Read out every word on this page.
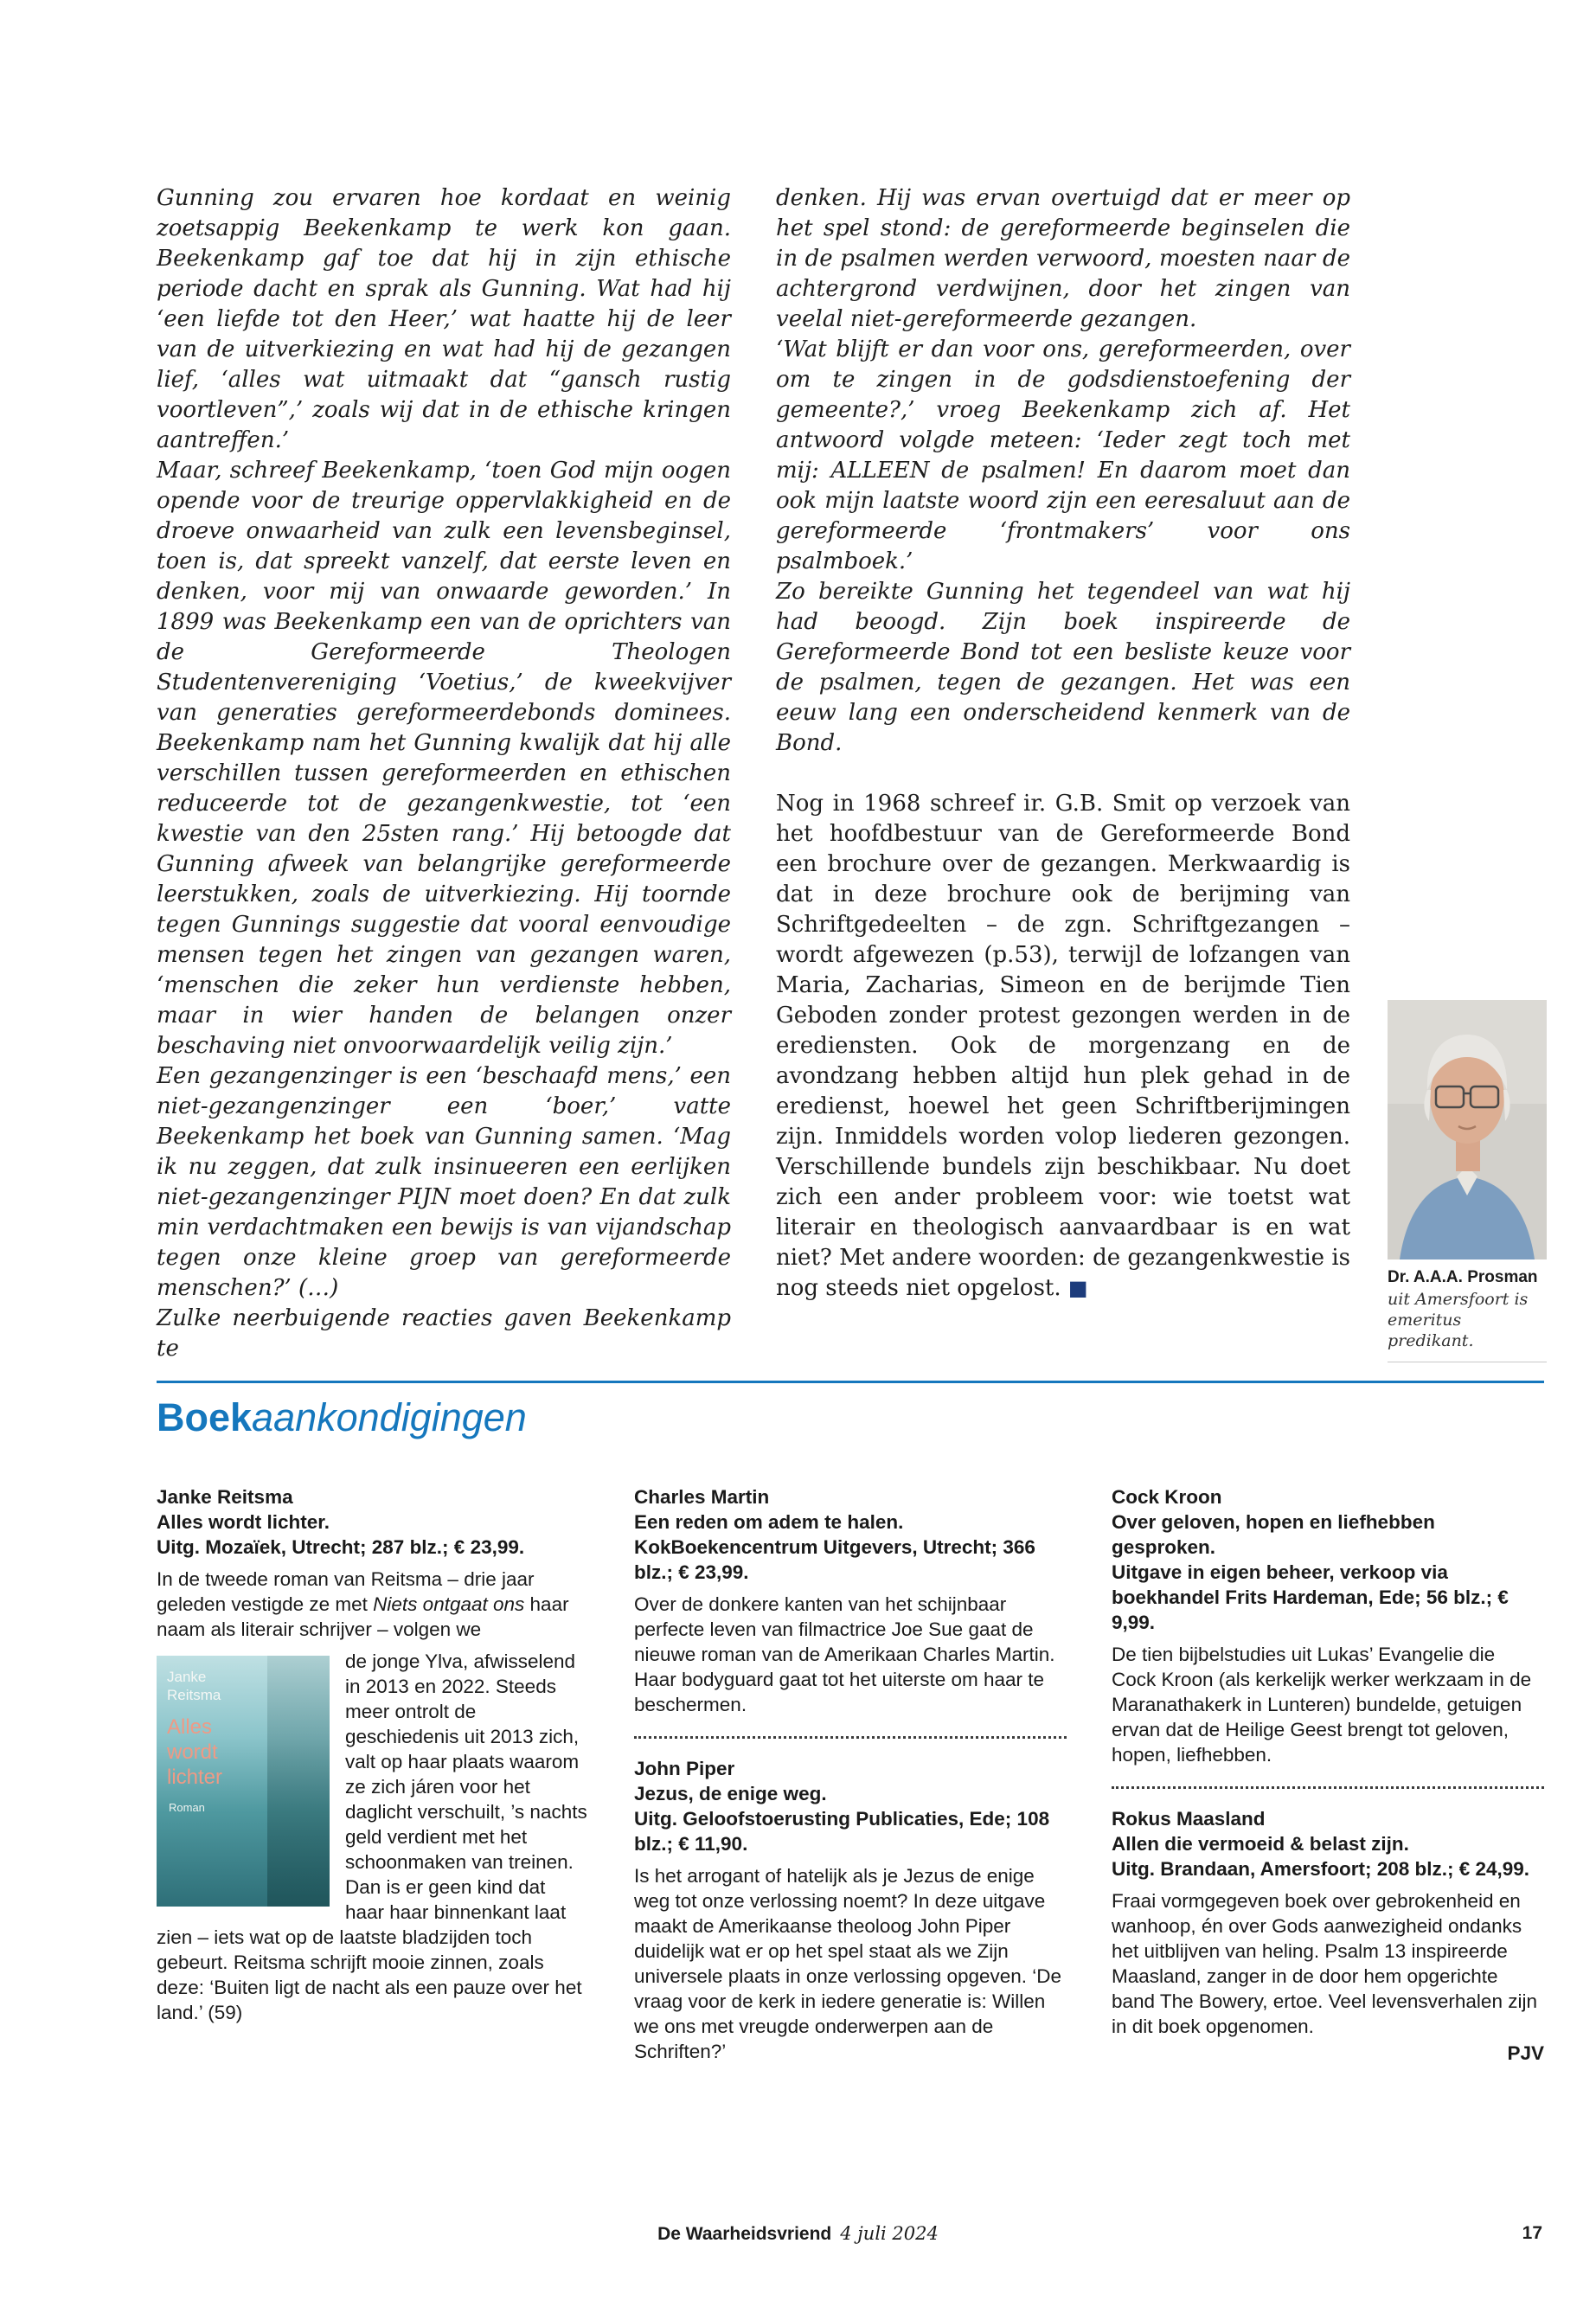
Gunning zou ervaren hoe kordaat en weinig zoetsappig Beekenkamp te werk kon gaan. Beekenkamp gaf toe dat hij in zijn ethische periode dacht en sprak als Gunning. Wat had hij ‘een liefde tot den Heer,’ wat haatte hij de leer van de uitverkiezing en wat had hij de gezangen lief, ‘alles wat uitmaakt dat “gansch rustig voortleven”,’ zoals wij dat in de ethische kringen aantreffen.’

Maar, schreef Beekenkamp, ‘toen God mijn oogen opende voor de treurige oppervlakkigheid en de droeve onwaarheid van zulk een levensbeginsel, toen is, dat spreekt vanzelf, dat eerste leven en denken, voor mij van onwaarde geworden.’ In 1899 was Beekenkamp een van de oprichters van de Gereformeerde Theologen Studentenvereniging ‘Voetius,’ de kweekvijver van generaties gereformeerdebonds dominees. Beekenkamp nam het Gunning kwalijk dat hij alle verschillen tussen gereformeerden en ethischen reduceerde tot de gezangenkwestie, tot ‘een kwestie van den 25sten rang.’ Hij betoogde dat Gunning afweek van belangrijke gereformeerde leerstukken, zoals de uitverkiezing. Hij toornde tegen Gunnings suggestie dat vooral eenvoudige mensen tegen het zingen van gezangen waren, ‘menschen die zeker hun verdienste hebben, maar in wier handen de belangen onzer beschaving niet onvoorwaardelijk veilig zijn.’

Een gezangenzinger is een ‘beschaafd mens,’ een niet-gezangenzinger een ‘boer,’ vatte Beekenkamp het boek van Gunning samen. ‘Mag ik nu zeggen, dat zulk insinueeren een eerlijken niet-gezangenzinger PIJN moet doen? En dat zulk min verdachtmaken een bewijs is van vijandschap tegen onze kleine groep van gereformeerde menschen?’ (…)

Zulke neerbuigende reacties gaven Beekenkamp te

denken. Hij was ervan overtuigd dat er meer op het spel stond: de gereformeerde beginselen die in de psalmen werden verwoord, moesten naar de achtergrond verdwijnen, door het zingen van veelal niet-gereformeerde gezangen.

‘Wat blijft er dan voor ons, gereformeerden, over om te zingen in de godsdienstoefening der gemeente?,’ vroeg Beekenkamp zich af. Het antwoord volgde meteen: ‘Ieder zegt toch met mij: ALLEEN de psalmen! En daarom moet dan ook mijn laatste woord zijn een eeresaluut aan de gereformeerde ‘frontmakers’ voor ons psalmboek.’

Zo bereikte Gunning het tegendeel van wat hij had beoogd. Zijn boek inspireerde de Gereformeerde Bond tot een besliste keuze voor de psalmen, tegen de gezangen. Het was een eeuw lang een onderscheidend kenmerk van de Bond.

Nog in 1968 schreef ir. G.B. Smit op verzoek van het hoofdbestuur van de Gereformeerde Bond een brochure over de gezangen. Merkwaardig is dat in deze brochure ook de berijming van Schriftgedeelten – de zgn. Schriftgezangen – wordt afgewezen (p.53), terwijl de lofzangen van Maria, Zacharias, Simeon en de berijmde Tien Geboden zonder protest gezongen werden in de erediensten. Ook de morgenzang en de avondzang hebben altijd hun plek gehad in de eredienst, hoewel het geen Schriftberijmingen zijn. Inmiddels worden volop liederen gezongen. Verschillende bundels zijn beschikbaar. Nu doet zich een ander probleem voor: wie toetst wat literair en theologisch aanvaardbaar is en wat niet? Met andere woorden: de gezangenkwestie is nog steeds niet opgelost. ■	Dr. A.A.A. Prosman
uit Amersfoort is emeritus predikant.
Boekaankondigingen
Janke Reitsma
Alles wordt lichter.
Uitg. Mozaïek, Utrecht; 287 blz.; € 23,99.

In de tweede roman van Reitsma – drie jaar geleden vestigde ze met Niets ontgaat ons haar naam als literair schrijver – volgen we

Janke Reitsma
Alles
wordt
lichter
Roman

de jonge Ylva, afwisselend in 2013 en 2022. Steeds meer ontrolt de geschiedenis uit 2013 zich, valt op haar plaats waarom ze zich járen voor het daglicht verschuilt, ’s nachts geld verdient met het schoonmaken van treinen. Dan is er geen kind dat haar haar binnenkant laat zien – iets wat op de laatste bladzijden toch gebeurt. Reitsma schrijft mooie zinnen, zoals deze: ‘Buiten ligt de nacht als een pauze over het land.’ (59)

Charles Martin
Een reden om adem te halen.
KokBoekencentrum Uitgevers, Utrecht; 366 blz.; € 23,99.

Over de donkere kanten van het schijnbaar perfecte leven van filmactrice Joe Sue gaat de nieuwe roman van de Amerikaan Charles Martin. Haar bodyguard gaat tot het uiterste om haar te beschermen.

John Piper
Jezus, de enige weg.
Uitg. Geloofstoerusting Publicaties, Ede; 108 blz.; € 11,90.

Is het arrogant of hatelijk als je Jezus de enige weg tot onze verlossing noemt? In deze uitgave maakt de Amerikaanse theoloog John Piper duidelijk wat er op het spel staat als we Zijn universele plaats in onze verlossing opgeven. ‘De vraag voor de kerk in iedere generatie is: Willen we ons met vreugde onderwerpen aan de Schriften?’

Cock Kroon
Over geloven, hopen en liefhebben gesproken.
Uitgave in eigen beheer, verkoop via boekhandel Frits Hardeman, Ede; 56 blz.; € 9,99.

De tien bijbelstudies uit Lukas’ Evangelie die Cock Kroon (als kerkelijk werker werkzaam in de Maranathakerk in Lunteren) bundelde, getuigen ervan dat de Heilige Geest brengt tot geloven, hopen, liefhebben.

Rokus Maasland
Allen die vermoeid & belast zijn.
Uitg. Brandaan, Amersfoort; 208 blz.; € 24,99.

Fraai vormgegeven boek over gebrokenheid en wanhoop, én over Gods aanwezigheid ondanks het uitblijven van heling. Psalm 13 inspireerde Maasland, zanger in de door hem opgerichte band The Bowery, ertoe. Veel levensverhalen zijn in dit boek opgenomen.

PJV
De Waarheidsvriend 4 juli 2024	17
